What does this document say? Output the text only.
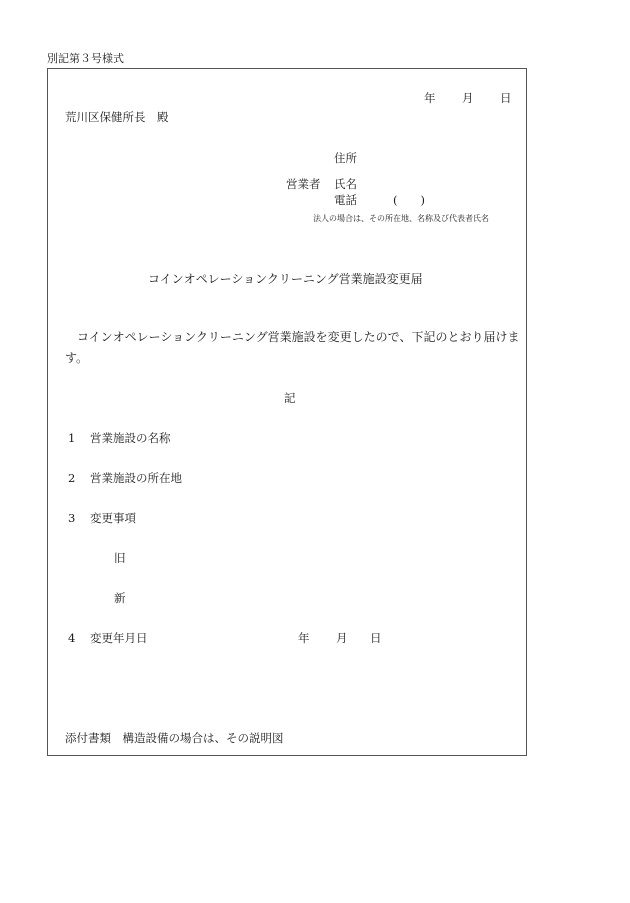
別記第３号様式
年 月 日
荒川区保健所長　殿
営業者
住所
氏名
電話	(　　)
法人の場合は、その所在地、名称及び代表者氏名
コインオペレーションクリーニング営業施設変更届
コインオペレーションクリーニング営業施設を変更したので、下記のとおり届けます。
記
1 営業施設の名称
2 営業施設の所在地
3 変更事項
旧
新
4 変更年月日	年 月 日
添付書類　構造設備の場合は、その説明図
